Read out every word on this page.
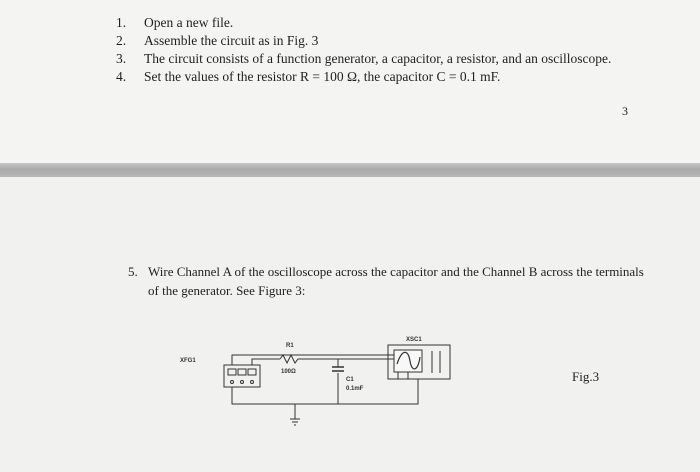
1. Open a new file.
2. Assemble the circuit as in Fig. 3
3. The circuit consists of a function generator, a capacitor, a resistor, and an oscilloscope.
4. Set the values of the resistor R = 100 Ω, the capacitor C = 0.1 mF.
3
5. Wire Channel A of the oscilloscope across the capacitor and the Channel B across the terminals
of the generator. See Figure 3:
XSC1
XFG1
R1
100Ω
C1
0.1mF
Fig.3
